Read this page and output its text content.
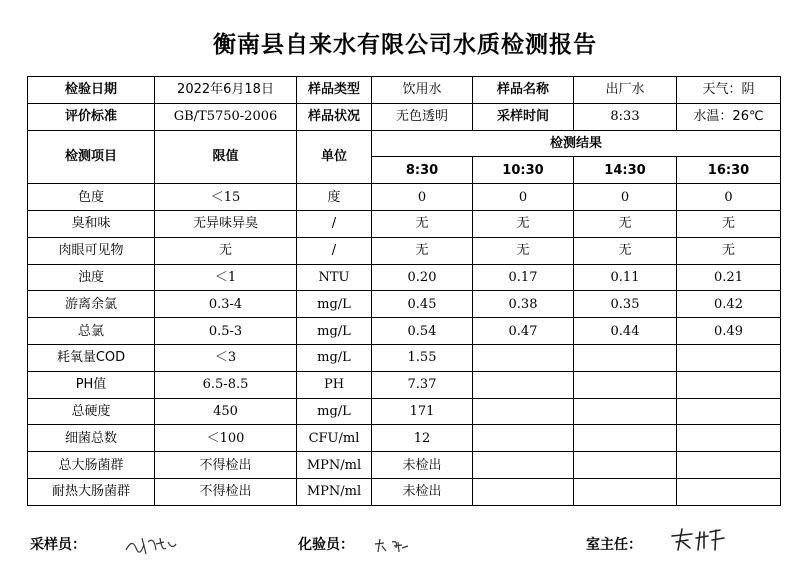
衡南县自来水有限公司水质检测报告
检验日期	2022年6月18日	样品类型	饮用水	样品名称	出厂水	天气：阴
评价标准	GB/T5750-2006	样品状况	无色透明	采样时间	8:33	水温：26℃
检测项目	限值	单位	检测结果			
			8:30	10:30	14:30	16:30
色度	＜15	度	0	0	0	0
臭和味	无异味异臭	/	无	无	无	无
肉眼可见物	无	/	无	无	无	无
浊度	＜1	NTU	0.20	0.17	0.11	0.21
游离余氯	0.3-4	mg/L	0.45	0.38	0.35	0.42
总氯	0.5-3	mg/L	0.54	0.47	0.44	0.49
耗氧量COD	＜3	mg/L	1.55			
PH值	6.5-8.5	PH	7.37			
总硬度	450	mg/L	171			
细菌总数	＜100	CFU/ml	12			
总大肠菌群	不得检出	MPN/ml	未检出			
耐热大肠菌群	不得检出	MPN/ml	未检出			
采样员：	化验员：	室主任：
